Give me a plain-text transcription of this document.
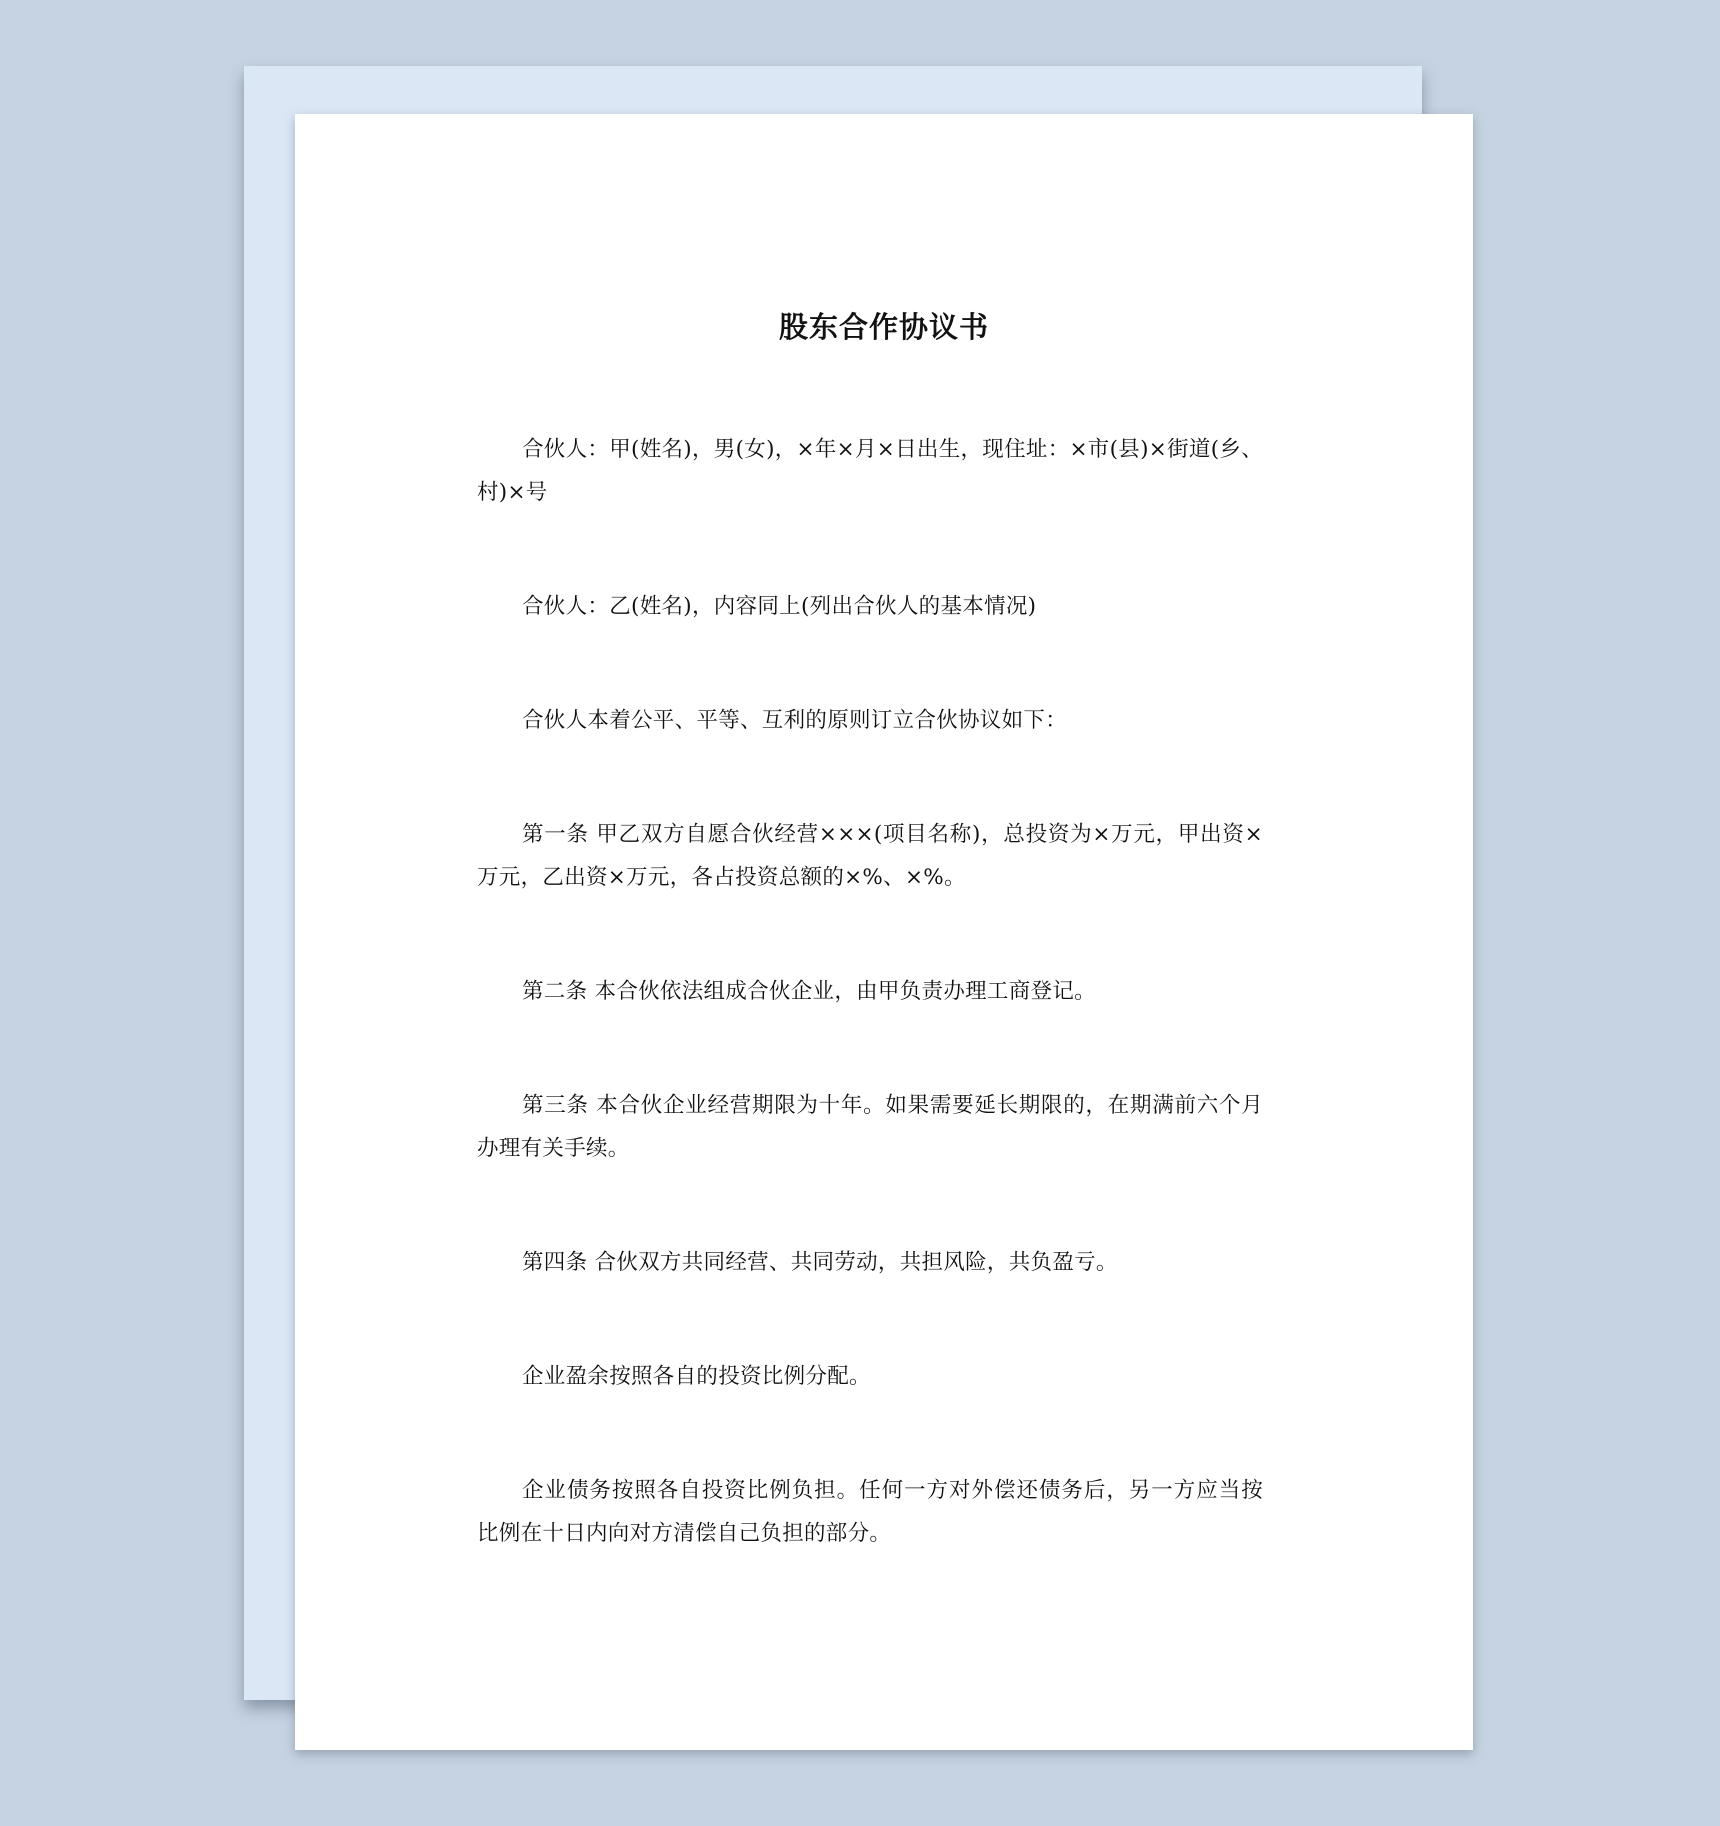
股东合作协议书

合伙人：甲(姓名)，男(女)，×年×月×日出生，现住址：×市(县)×街道(乡、村)×号

合伙人：乙(姓名)，内容同上(列出合伙人的基本情况)

合伙人本着公平、平等、互利的原则订立合伙协议如下：

第一条 甲乙双方自愿合伙经营×××(项目名称)，总投资为×万元，甲出资×万元，乙出资×万元，各占投资总额的×%、×%。

第二条 本合伙依法组成合伙企业，由甲负责办理工商登记。

第三条 本合伙企业经营期限为十年。如果需要延长期限的，在期满前六个月办理有关手续。

第四条 合伙双方共同经营、共同劳动，共担风险，共负盈亏。

企业盈余按照各自的投资比例分配。

企业债务按照各自投资比例负担。任何一方对外偿还债务后，另一方应当按比例在十日内向对方清偿自己负担的部分。
